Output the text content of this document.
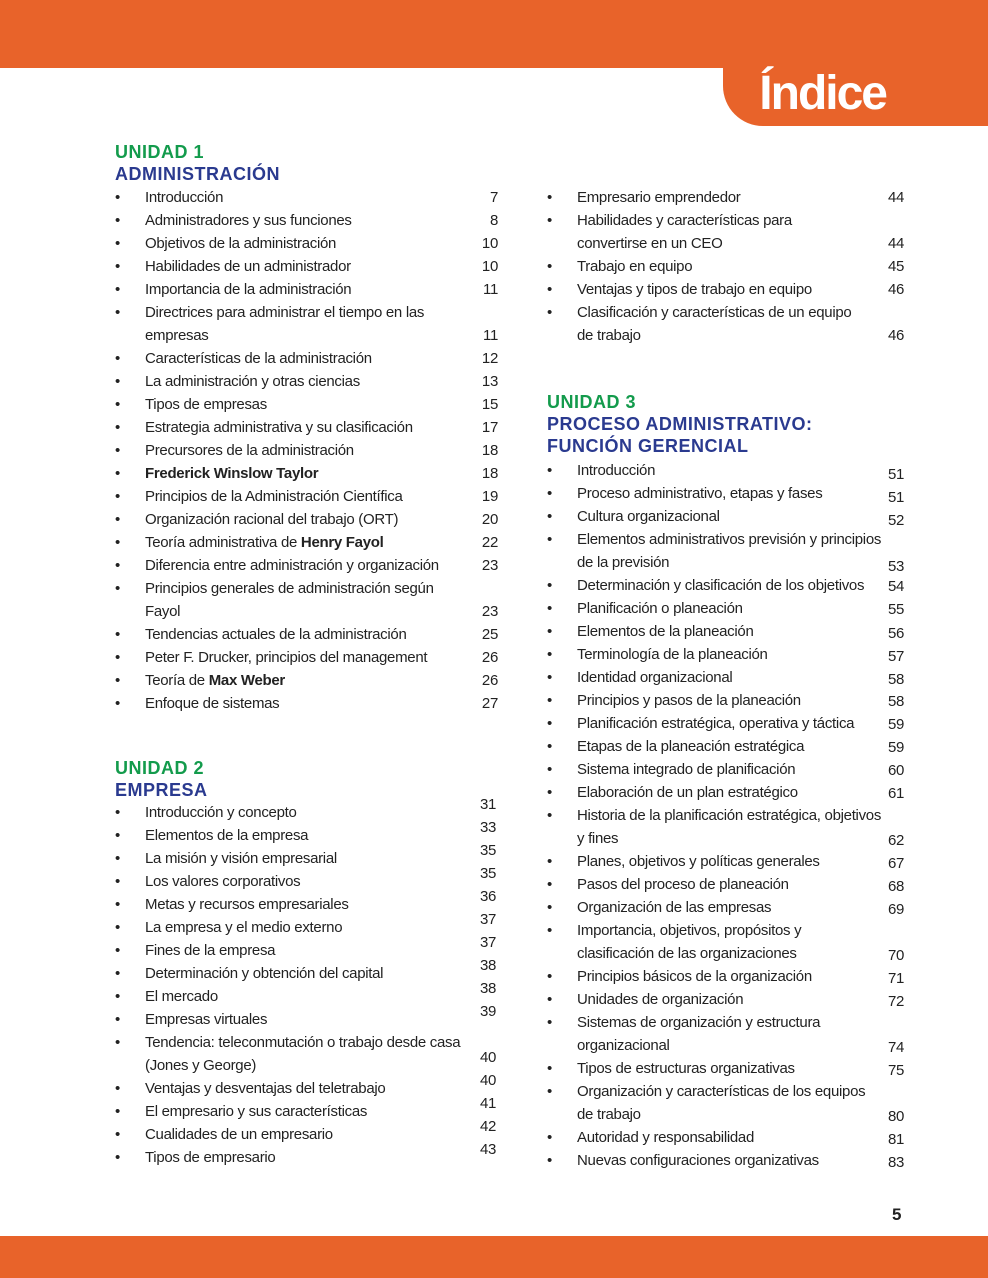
Índice
UNIDAD 1
ADMINISTRACIÓN
•	Introducción	7
•	Administradores y sus funciones	8
•	Objetivos de la administración	10
•	Habilidades de un administrador	10
•	Importancia de la administración	11
•	Directrices para administrar el tiempo en las empresas	11
•	Características de la administración	12
•	La administración y otras ciencias	13
•	Tipos de empresas	15
•	Estrategia administrativa y su clasificación	17
•	Precursores de la administración	18
•	Frederick Winslow Taylor	18
•	Principios de la Administración Científica	19
•	Organización racional del trabajo (ORT)	20
•	Teoría administrativa de Henry Fayol	22
•	Diferencia entre administración y organización	23
•	Principios generales de administración según Fayol	23
•	Tendencias actuales de la administración	25
•	Peter F. Drucker, principios del management	26
•	Teoría de Max Weber	26
•	Enfoque de sistemas	27
UNIDAD 2
EMPRESA
•	Introducción y concepto	31
•	Elementos de la empresa	33
•	La misión y visión empresarial	35
•	Los valores corporativos	35
•	Metas y recursos empresariales	36
•	La empresa y el medio externo	37
•	Fines de la empresa	37
•	Determinación y obtención del capital	38
•	El mercado	38
•	Empresas virtuales	39
•	Tendencia: teleconmutación o trabajo desde casa (Jones y George)	40
•	Ventajas y desventajas del teletrabajo	40
•	El empresario y sus características	41
•	Cualidades de un empresario	42
•	Tipos de empresario	43
•	Empresario emprendedor	44
•	Habilidades y características para convertirse en un CEO	44
•	Trabajo en equipo	45
•	Ventajas y tipos de trabajo en equipo	46
•	Clasificación y características de un equipo de trabajo	46
UNIDAD 3
PROCESO ADMINISTRATIVO:
FUNCIÓN GERENCIAL
•	Introducción	51
•	Proceso administrativo, etapas y fases	51
•	Cultura organizacional	52
•	Elementos administrativos previsión y principios de la previsión	53
•	Determinación y clasificación de los objetivos	54
•	Planificación o planeación	55
•	Elementos de la planeación	56
•	Terminología de la planeación	57
•	Identidad organizacional	58
•	Principios y pasos de la planeación	58
•	Planificación estratégica, operativa y táctica	59
•	Etapas de la planeación estratégica	59
•	Sistema integrado de planificación	60
•	Elaboración de un plan estratégico	61
•	Historia de la planificación estratégica, objetivos y fines	62
•	Planes, objetivos y políticas generales	67
•	Pasos del proceso de planeación	68
•	Organización de las empresas	69
•	Importancia, objetivos, propósitos y clasificación de las organizaciones	70
•	Principios básicos de la organización	71
•	Unidades de organización	72
•	Sistemas de organización y estructura organizacional	74
•	Tipos de estructuras organizativas	75
•	Organización y características de los equipos de trabajo	80
•	Autoridad y responsabilidad	81
•	Nuevas configuraciones organizativas	83
5
